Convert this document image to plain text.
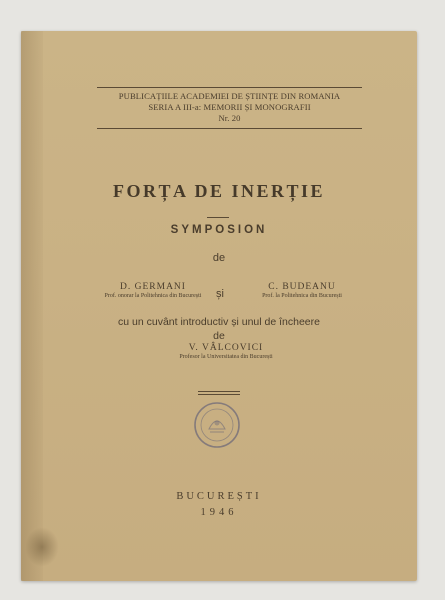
PUBLICAȚIILE ACADEMIEI DE ȘTIINȚE DIN ROMANIA
SERIA A III-a: MEMORII ȘI MONOGRAFII
Nr. 20
FORȚA DE INERȚIE
SYMPOSION
de
D. GERMANI
Prof. onorar la Politehnica din București	și
C. BUDEANU
Prof. la Politehnica din București
cu un cuvânt introductiv și unul de încheere
de
V. VÂLCOVICI
Profesor la Universitatea din București
BUCUREȘTI
1946
